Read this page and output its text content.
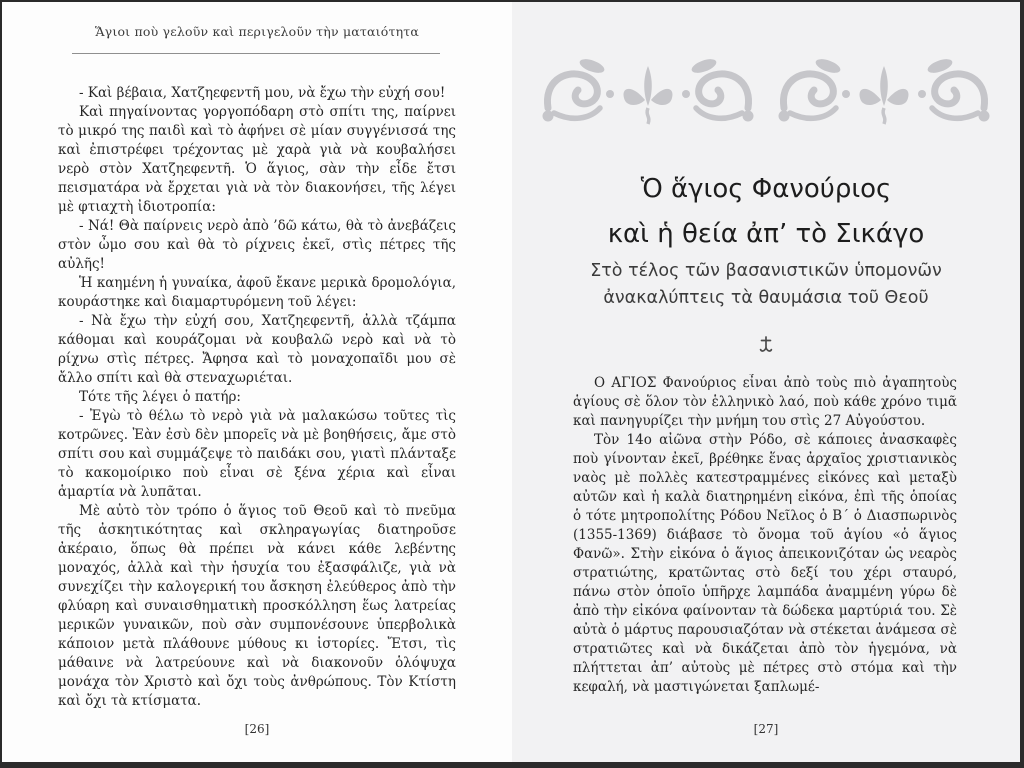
Ἅγιοι ποὺ γελοῦν καὶ περιγελοῦν τὴν ματαιότητα

- Καὶ βέβαια, Χατζηεφεντῆ μου, νὰ ἔχω τὴν εὐχή σου!

Καὶ πηγαίνοντας γοργοπόδαρη στὸ σπίτι της, παίρνει τὸ μικρό της παιδὶ καὶ τὸ ἀφήνει σὲ μίαν συγγένισσά της καὶ ἐπιστρέφει τρέχοντας μὲ χαρὰ γιὰ νὰ κουβαλήσει νερὸ στὸν Χατζηεφεντῆ. Ὁ ἅγιος, σὰν τὴν εἶδε ἔτσι πεισματάρα νὰ ἔρχεται γιὰ νὰ τὸν διακονήσει, τῆς λέγει μὲ φτιαχτὴ ἰδιοτροπία:

- Νά! Θὰ παίρνεις νερὸ ἀπὸ ’δῶ κάτω, θὰ τὸ ἀνεβάζεις στὸν ὦμο σου καὶ θὰ τὸ ρίχνεις ἐκεῖ, στὶς πέτρες τῆς αὐλῆς!

Ἡ καημένη ἡ γυναίκα, ἀφοῦ ἔκανε μερικὰ δρομολόγια, κουράστηκε καὶ διαμαρτυρόμενη τοῦ λέγει:

- Νὰ ἔχω τὴν εὐχή σου, Χατζηεφεντῆ, ἀλλὰ τζάμπα κάθομαι καὶ κουράζομαι νὰ κουβαλῶ νερὸ καὶ νὰ τὸ ρίχνω στὶς πέτρες. Ἄφησα καὶ τὸ μοναχοπαῖδι μου σὲ ἄλλο σπίτι καὶ θὰ στεναχωριέται.

Τότε τῆς λέγει ὁ πατήρ:

- Ἐγὼ τὸ θέλω τὸ νερὸ γιὰ νὰ μαλακώσω τοῦτες τὶς κοτρῶνες. Ἐὰν ἐσὺ δὲν μπορεῖς νὰ μὲ βοηθήσεις, ἄμε στὸ σπίτι σου καὶ συμμάζεψε τὸ παιδάκι σου, γιατὶ πλάνταξε τὸ κακομοίρικο ποὺ εἶναι σὲ ξένα χέρια καὶ εἶναι ἁμαρτία νὰ λυπᾶται.

Μὲ αὐτὸ τὸν τρόπο ὁ ἅγιος τοῦ Θεοῦ καὶ τὸ πνεῦμα τῆς ἀσκητικότητας καὶ σκληραγωγίας διατηροῦσε ἀκέραιο, ὅπως θὰ πρέπει νὰ κάνει κάθε λεβέντης μοναχός, ἀλλὰ καὶ τὴν ἡσυχία του ἐξασφάλιζε, γιὰ νὰ συνεχίζει τὴν καλογερική του ἄσκηση ἐλεύθερος ἀπὸ τὴν φλύαρη καὶ συναισθηματικὴ προσκόλληση ἕως λατρείας μερικῶν γυναικῶν, ποὺ σὰν συμπονέσουνε ὑπερβολικὰ κάποιον μετὰ πλάθουνε μύθους κι ἱστορίες. Ἔτσι, τὶς μάθαινε νὰ λατρεύουνε καὶ νὰ διακονοῦν ὁλόψυχα μονάχα τὸν Χριστὸ καὶ ὄχι τοὺς ἀνθρώπους. Τὸν Κτίστη καὶ ὄχι τὰ κτίσματα.

[26]
Ὁ ἅγιος Φανούριος
καὶ ἡ θεία ἀπ’ τὸ Σικάγο
Στὸ τέλος τῶν βασανιστικῶν ὑπομονῶν
ἀνακαλύπτεις τὰ θαυμάσια τοῦ Θεοῦ

Ο ΑΓΙΟΣ Φανούριος εἶναι ἀπὸ τοὺς πιὸ ἀγαπητοὺς ἁγίους σὲ ὅλον τὸν ἑλληνικὸ λαό, ποὺ κάθε χρόνο τιμᾶ καὶ πανηγυρίζει τὴν μνήμη του στὶς 27 Αὐγούστου.

Τὸν 14ο αἰῶνα στὴν Ρόδο, σὲ κάποιες ἀνασκαφὲς ποὺ γίνονταν ἐκεῖ, βρέθηκε ἕνας ἀρχαῖος χριστιανικὸς ναὸς μὲ πολλὲς κατεστραμμένες εἰκόνες καὶ μεταξὺ αὐτῶν καὶ ἡ καλὰ διατηρημένη εἰκόνα, ἐπὶ τῆς ὁποίας ὁ τότε μητροπολίτης Ρόδου Νεῖλος ὁ Β΄ ὁ Διασπωρινὸς (1355-1369) διάβασε τὸ ὄνομα τοῦ ἁγίου «ὁ ἅγιος Φανῶ». Στὴν εἰκόνα ὁ ἅγιος ἀπεικονιζόταν ὡς νεαρὸς στρατιώτης, κρατῶντας στὸ δεξί του χέρι σταυρό, πάνω στὸν ὁποῖο ὑπῆρχε λαμπάδα ἀναμμένη γύρω δὲ ἀπὸ τὴν εἰκόνα φαίνονταν τὰ δώδεκα μαρτύριά του. Σὲ αὐτὰ ὁ μάρτυς παρουσιαζόταν νὰ στέκεται ἀνάμεσα σὲ στρατιῶτες καὶ νὰ δικάζεται ἀπὸ τὸν ἡγεμόνα, νὰ πλήττεται ἀπ’ αὐτοὺς μὲ πέτρες στὸ στόμα καὶ τὴν κεφαλή, νὰ μαστιγώνεται ξαπλωμέ-

[27]
